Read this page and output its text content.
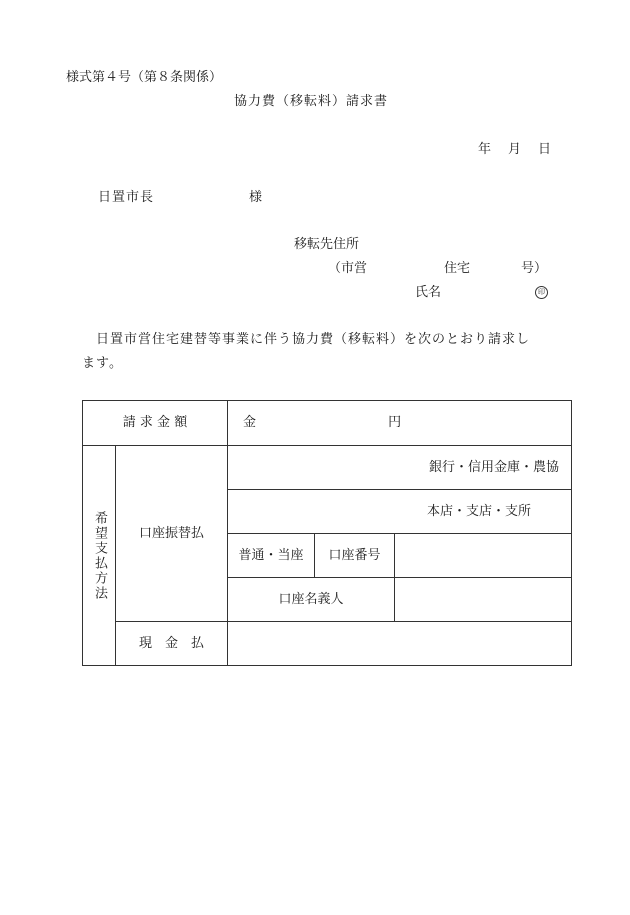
様式第４号（第８条関係）
協力費（移転料）請求書
年 月 日
日置市長	様
移転先住所
（市営	住宅	号）
氏名	印
日置市営住宅建替等事業に伴う協力費（移転料）を次のとおり請求し
ます。
請 求 金 額		金 円		

希望支払方法	口座振替払	銀行・信用金庫・農協		
		本店・支店・支所		
		普通・当座	口座番号	
		口座名義人		
	現　金　払			
